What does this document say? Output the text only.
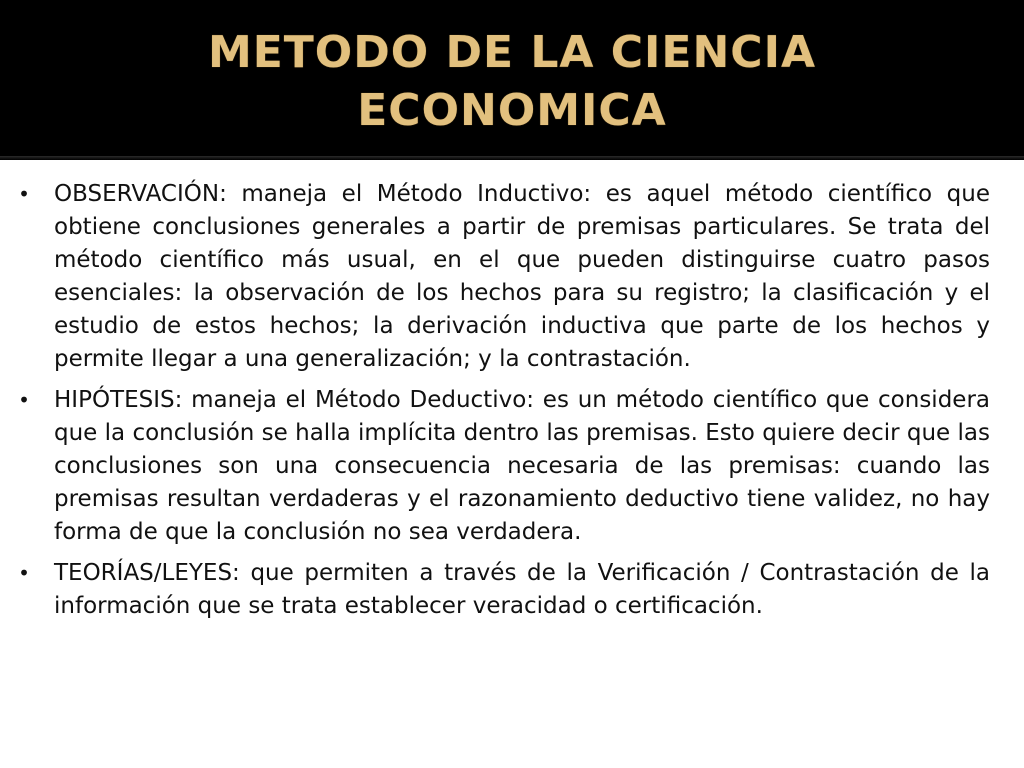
METODO DE LA CIENCIA
ECONOMICA
• OBSERVACIÓN: maneja el Método Inductivo: es aquel método científico que obtiene conclusiones generales a partir de premisas particulares. Se trata del método científico más usual, en el que pueden distinguirse cuatro pasos esenciales: la observación de los hechos para su registro; la clasificación y el estudio de estos hechos; la derivación inductiva que parte de los hechos y permite llegar a una generalización; y la contrastación.

• HIPÓTESIS: maneja el Método Deductivo: es un método científico que considera que la conclusión se halla implícita dentro las premisas. Esto quiere decir que las conclusiones son una consecuencia necesaria de las premisas: cuando las premisas resultan verdaderas y el razonamiento deductivo tiene validez, no hay forma de que la conclusión no sea verdadera.

• TEORÍAS/LEYES: que permiten a través de la Verificación / Contrastación de la información que se trata establecer veracidad o certificación.
